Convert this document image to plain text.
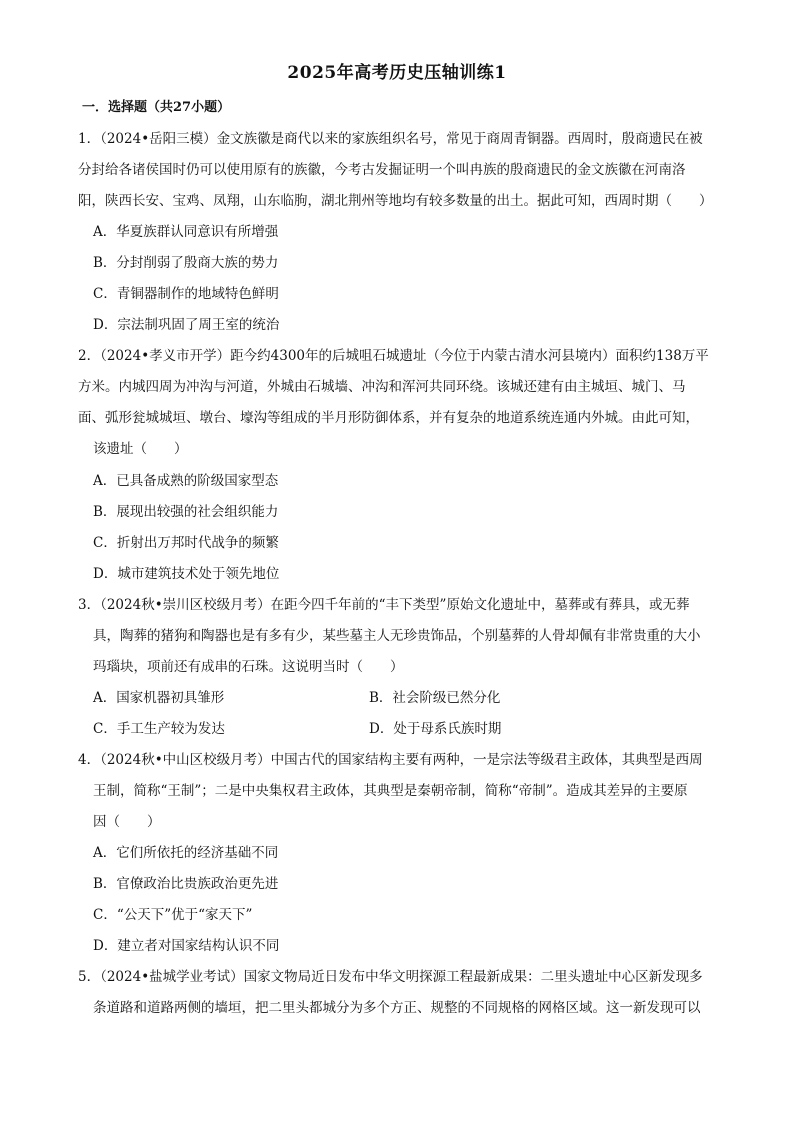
2025年高考历史压轴训练1
一．选择题（共27小题）
1．（2024•岳阳三模）金文族徽是商代以来的家族组织名号，常见于商周青铜器。西周时，殷商遗民在被
分封给各诸侯国时仍可以使用原有的族徽，今考古发掘证明一个叫冉族的殷商遗民的金文族徽在河南洛
阳，陕西长安、宝鸡、凤翔，山东临朐，湖北荆州等地均有较多数量的出土。据此可知，西周时期（　　）
A．华夏族群认同意识有所增强
B．分封削弱了殷商大族的势力
C．青铜器制作的地域特色鲜明
D．宗法制巩固了周王室的统治
2．（2024•孝义市开学）距今约4300年的后城咀石城遗址（今位于内蒙古清水河县境内）面积约138万平
方米。内城四周为冲沟与河道，外城由石城墙、冲沟和浑河共同环绕。该城还建有由主城垣、城门、马
面、弧形瓮城城垣、墩台、壕沟等组成的半月形防御体系，并有复杂的地道系统连通内外城。由此可知，
该遗址（　　）
A．已具备成熟的阶级国家型态
B．展现出较强的社会组织能力
C．折射出万邦时代战争的频繁
D．城市建筑技术处于领先地位
3．（2024秋•崇川区校级月考）在距今四千年前的“丰下类型”原始文化遗址中，墓葬或有葬具，或无葬
具，陶葬的猪狗和陶器也是有多有少，某些墓主人无珍贵饰品，个别墓葬的人骨却佩有非常贵重的大小
玛瑙块，项前还有成串的石珠。这说明当时（　　）
A．国家机器初具雏形	B．社会阶级已然分化
C．手工生产较为发达	D．处于母系氏族时期
4．（2024秋•中山区校级月考）中国古代的国家结构主要有两种，一是宗法等级君主政体，其典型是西周
王制，简称“王制”；二是中央集权君主政体，其典型是秦朝帝制，简称“帝制”。造成其差异的主要原
因（　　）
A．它们所依托的经济基础不同
B．官僚政治比贵族政治更先进
C．“公天下”优于“家天下”
D．建立者对国家结构认识不同
5．（2024•盐城学业考试）国家文物局近日发布中华文明探源工程最新成果：二里头遗址中心区新发现多
条道路和道路两侧的墙垣，把二里头都城分为多个方正、规整的不同规格的网格区域。这一新发现可以
